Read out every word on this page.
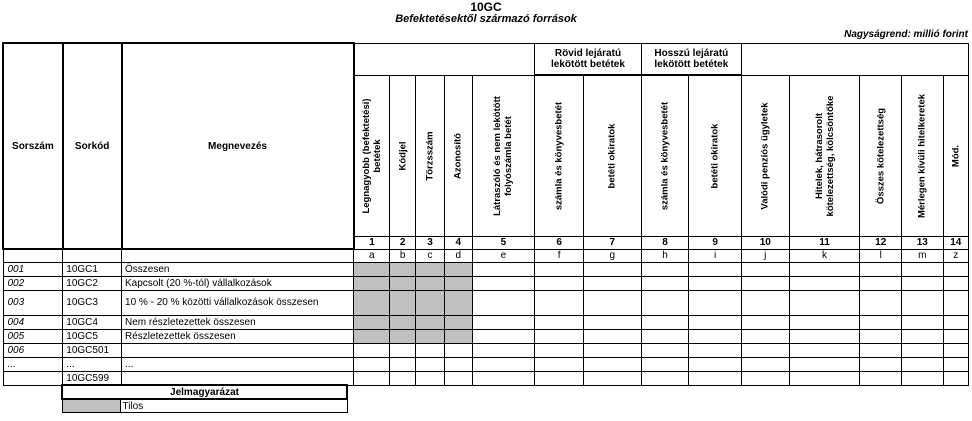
10GC
Befektetésektől származó források
Nagyságrend: millió forint
Sorszám	Sorkód	Megnevezés						Rövid lejáratú lekötött betétek		Hosszú lejáratú lekötött betétek						

			Legnagyobb (befektetési) betétek	Kódjel	Törzsszám	Azonosító	Látraszóló és nem lekötött folyószámla betét	számla és könyvesbetét	betéti okiratok	számla és könyvesbetét	betéti okiratok	Valódi penziós ügyletek	Hitelek, hátrasorolt kötelezettség, kölcsöntőke	Összes kötelezettség	Mérlegen kívüli hitelkeretek	Mód.

			1	2	3	4	5	6	7	8	9	10	11	12	13	14
			a	b	c	d	e	f	g	h	i	j	k	l	m	z
001	10GC1	Összesen														
002	10GC2	Kapcsolt (20 %-tól) vállalkozások														
003	10GC3	10 % - 20 % közötti vállalkozások összesen														
004	10GC4	Nem részletezettek összesen														
005	10GC5	Részletezettek összesen														
006	10GC501															
...	...	...														
	10GC599															
Jelmagyarázat
	Tilos
